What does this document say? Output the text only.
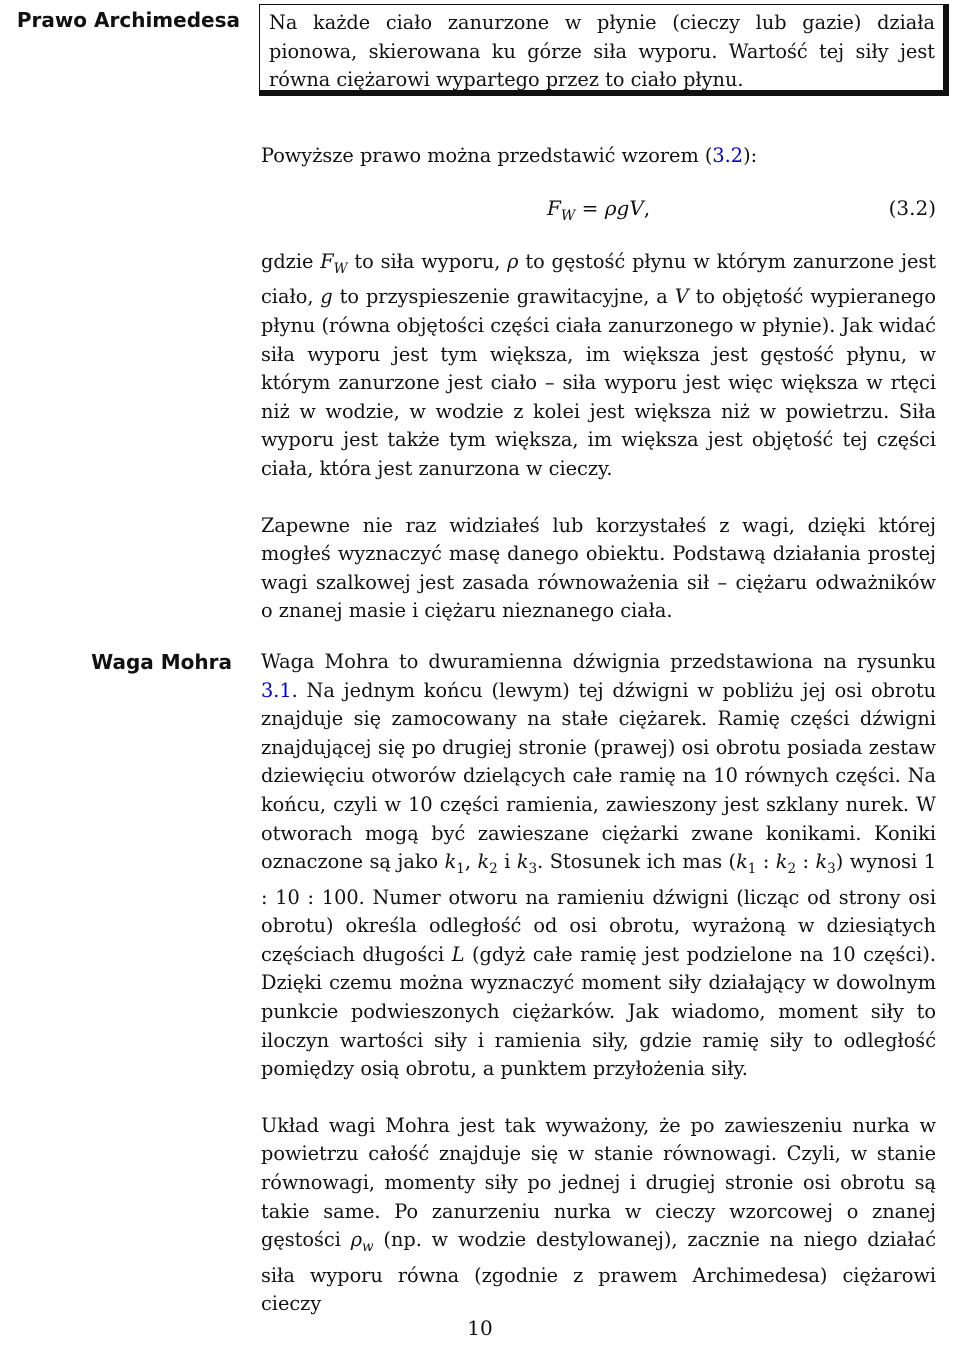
Prawo Archimedesa	Na każde ciało zanurzone w płynie (cieczy lub gazie) działa pionowa, skierowana ku górze siła wyporu. Wartość tej siły jest równa ciężarowi wypartego przez to ciało płynu.
Powyższe prawo można przedstawić wzorem (3.2):
$F_W = \rho gV$,	(3.2)

gdzie $F_W$ to siła wyporu, ρ to gęstość płynu w którym zanurzone jest ciało, g to przyspieszenie grawitacyjne, a V to objętość wypieranego płynu (równa objętości części ciała zanurzonego w płynie). Jak widać siła wyporu jest tym większa, im większa jest gęstość płynu, w którym zanurzone jest ciało – siła wyporu jest więc większa w rtęci niż w wodzie, w wodzie z kolei jest większa niż w powietrzu. Siła wyporu jest także tym większa, im większa jest objętość tej części ciała, która jest zanurzona w cieczy.

Zapewne nie raz widziałeś lub korzystałeś z wagi, dzięki której mogłeś wyznaczyć masę danego obiektu. Podstawą działania prostej wagi szalkowej jest zasada równoważenia sił – ciężaru odważników o znanej masie i ciężaru nieznanego ciała.

Waga Mohra Waga Mohra to dwuramienna dźwignia przedstawiona na rysunku 3.1. Na jednym końcu (lewym) tej dźwigni w pobliżu jej osi obrotu znajduje się zamocowany na stałe ciężarek. Ramię części dźwigni znajdującej się po drugiej stronie (prawej) osi obrotu posiada zestaw dziewięciu otworów dzielących całe ramię na 10 równych części. Na końcu, czyli w 10 części ramienia, zawieszony jest szklany nurek. W otworach mogą być zawieszane ciężarki zwane konikami. Koniki oznaczone są jako $k_1$, $k_2$ i $k_3$. Stosunek ich mas ($k_1$ : $k_2$ : $k_3$) wynosi 1 : 10 : 100. Numer otworu na ramieniu dźwigni (licząc od strony osi obrotu) określa odległość od osi obrotu, wyrażoną w dziesiątych częściach długości L (gdyż całe ramię jest podzielone na 10 części). Dzięki czemu można wyznaczyć moment siły działający w dowolnym punkcie podwieszonych ciężarków. Jak wiadomo, moment siły to iloczyn wartości siły i ramienia siły, gdzie ramię siły to odległość pomiędzy osią obrotu, a punktem przyłożenia siły.

Układ wagi Mohra jest tak wyważony, że po zawieszeniu nurka w powietrzu całość znajduje się w stanie równowagi. Czyli, w stanie równowagi, momenty siły po jednej i drugiej stronie osi obrotu są takie same. Po zanurzeniu nurka w cieczy wzorcowej o znanej gęstości $\rho_w$ (np. w wodzie destylowanej), zacznie na niego działać siła wyporu równa (zgodnie z prawem Archimedesa) ciężarowi cieczy

10
